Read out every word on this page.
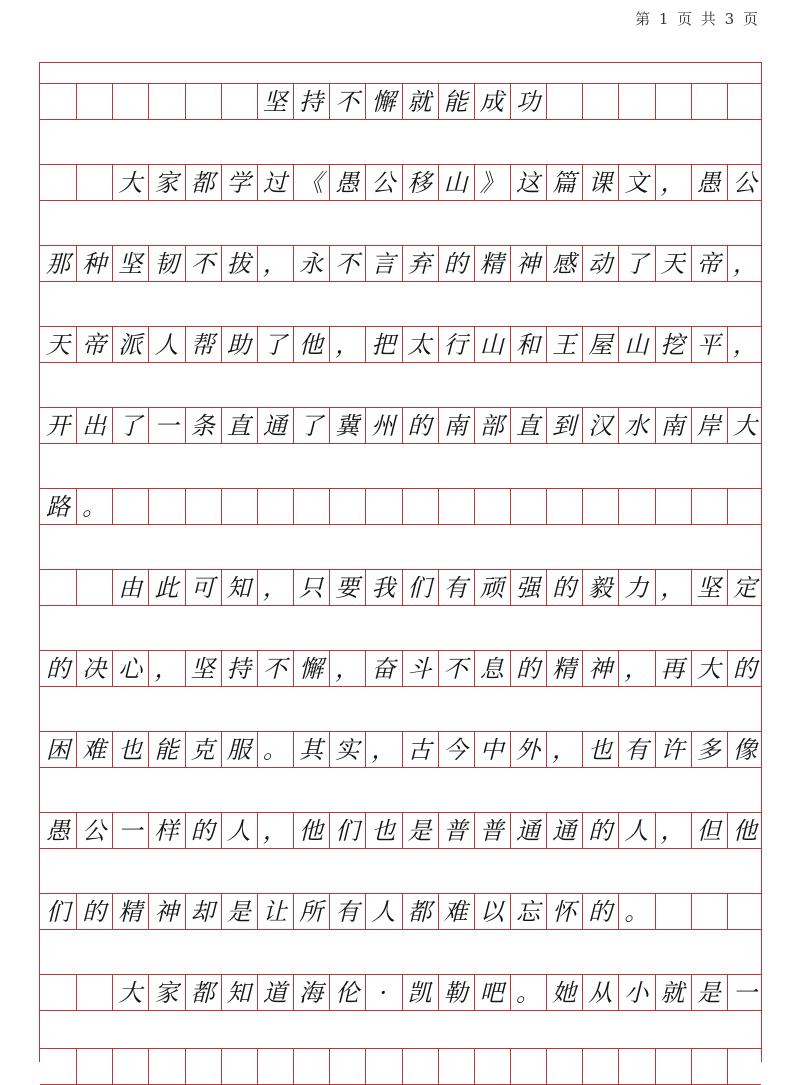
第 1 页 共 3 页
坚 持 不 懈 就 能 成 功
大 家 都 学 过 《 愚 公 移 山 》 这 篇 课 文 ， 愚 公
那 种 坚 韧 不 拔 ， 永 不 言 弃 的 精 神 感 动 了 天 帝 ，
天 帝 派 人 帮 助 了 他 ， 把 太 行 山 和 王 屋 山 挖 平 ，
开 出 了 一 条 直 通 了 冀 州 的 南 部 直 到 汉 水 南 岸 大
路 。
由 此 可 知 ， 只 要 我 们 有 顽 强 的 毅 力 ， 坚 定
的 决 心 ， 坚 持 不 懈 ， 奋 斗 不 息 的 精 神 ， 再 大 的
困 难 也 能 克 服 。 其 实 ， 古 今 中 外 ， 也 有 许 多 像
愚 公 一 样 的 人 ， 他 们 也 是 普 普 通 通 的 人 ， 但 他
们 的 精 神 却 是 让 所 有 人 都 难 以 忘 怀 的 。
大 家 都 知 道 海 伦 · 凯 勒 吧 。 她 从 小 就 是 一
